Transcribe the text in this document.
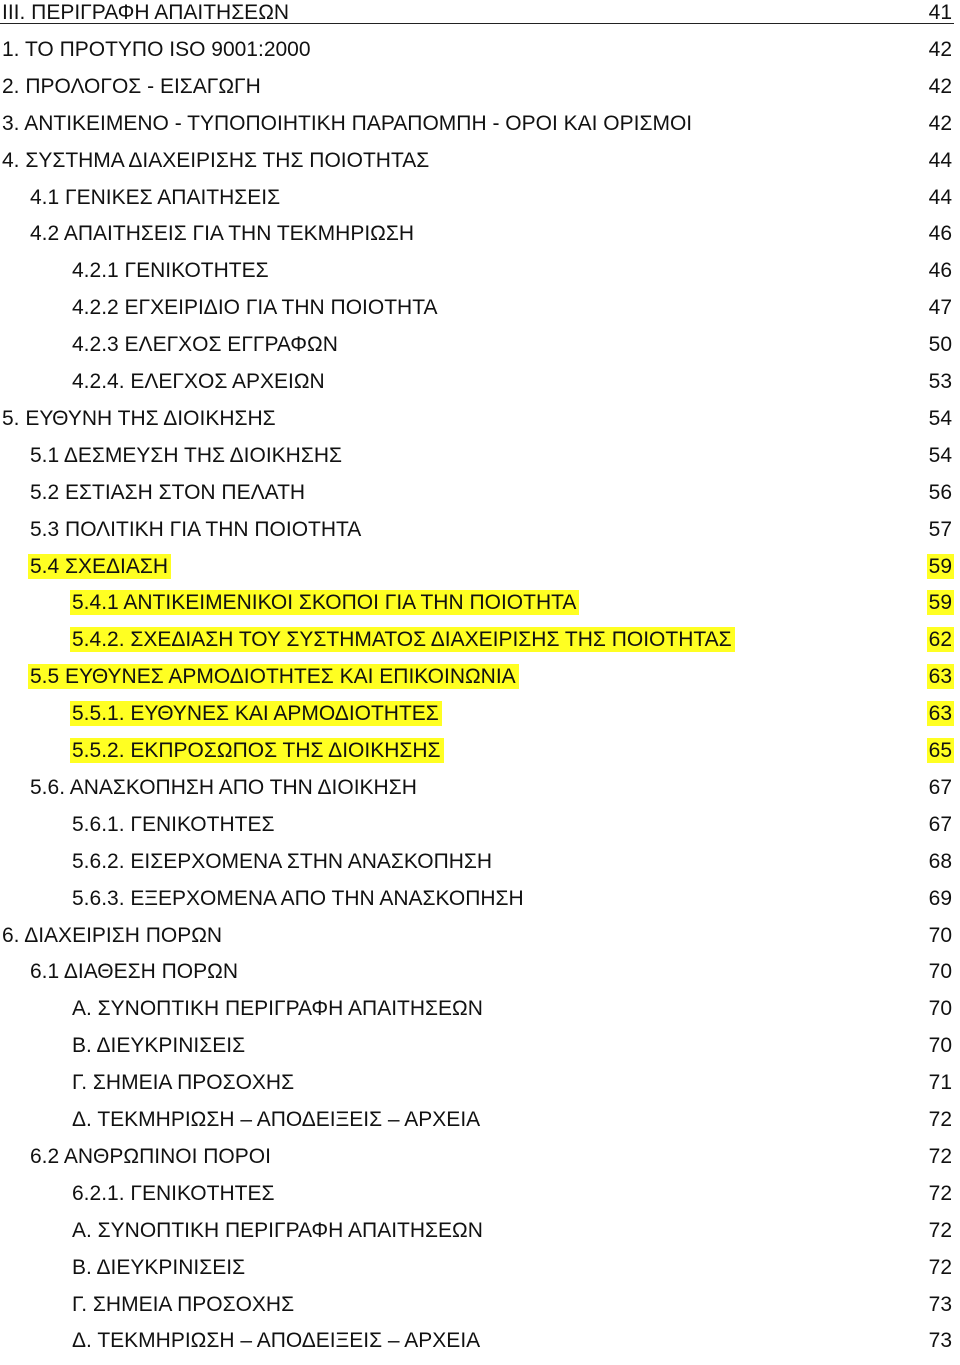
III. ΠΕΡΙΓΡΑΦΗ ΑΠΑΙΤΗΣΕΩΝ	41
1. ΤΟ ΠΡΟΤΥΠΟ ISO 9001:2000	42
2. ΠΡΟΛΟΓΟΣ - ΕΙΣΑΓΩΓΗ	42
3. ΑΝΤΙΚΕΙΜΕΝΟ - ΤΥΠΟΠΟΙΗΤΙΚΗ ΠΑΡΑΠΟΜΠΗ - ΟΡΟΙ ΚΑΙ ΟΡΙΣΜΟΙ	42
4. ΣΥΣΤΗΜΑ ΔΙΑΧΕΙΡΙΣΗΣ ΤΗΣ ΠΟΙΟΤΗΤΑΣ	44
4.1 ΓΕΝΙΚΕΣ ΑΠΑΙΤΗΣΕΙΣ	44
4.2 ΑΠΑΙΤΗΣΕΙΣ ΓΙΑ ΤΗΝ ΤΕΚΜΗΡΙΩΣΗ	46
4.2.1 ΓΕΝΙΚΟΤΗΤΕΣ	46
4.2.2 ΕΓΧΕΙΡΙΔΙΟ ΓΙΑ ΤΗΝ ΠΟΙΟΤΗΤΑ	47
4.2.3 ΕΛΕΓΧΟΣ ΕΓΓΡΑΦΩΝ	50
4.2.4. ΕΛΕΓΧΟΣ ΑΡΧΕΙΩΝ	53
5. ΕΥΘΥΝΗ ΤΗΣ ΔΙΟΙΚΗΣΗΣ	54
5.1 ΔΕΣΜΕΥΣΗ ΤΗΣ ΔΙΟΙΚΗΣΗΣ	54
5.2 ΕΣΤΙΑΣΗ ΣΤΟΝ ΠΕΛΑΤΗ	56
5.3 ΠΟΛΙΤΙΚΗ ΓΙΑ ΤΗΝ ΠΟΙΟΤΗΤΑ	57
5.4 ΣΧΕΔΙΑΣΗ	59
5.4.1 ΑΝΤΙΚΕΙΜΕΝΙΚΟΙ ΣΚΟΠΟΙ ΓΙΑ ΤΗΝ ΠΟΙΟΤΗΤΑ	59
5.4.2. ΣΧΕΔΙΑΣΗ ΤΟΥ ΣΥΣΤΗΜΑΤΟΣ ΔΙΑΧΕΙΡΙΣΗΣ ΤΗΣ ΠΟΙΟΤΗΤΑΣ	62
5.5 ΕΥΘΥΝΕΣ ΑΡΜΟΔΙΟΤΗΤΕΣ ΚΑΙ ΕΠΙΚΟΙΝΩΝΙΑ	63
5.5.1. ΕΥΘΥΝΕΣ ΚΑΙ ΑΡΜΟΔΙΟΤΗΤΕΣ	63
5.5.2. ΕΚΠΡΟΣΩΠΟΣ ΤΗΣ ΔΙΟΙΚΗΣΗΣ	65
5.6. ΑΝΑΣΚΟΠΗΣΗ ΑΠΟ ΤΗΝ ΔΙΟΙΚΗΣΗ	67
5.6.1. ΓΕΝΙΚΟΤΗΤΕΣ	67
5.6.2. ΕΙΣΕΡΧΟΜΕΝΑ ΣΤΗΝ ΑΝΑΣΚΟΠΗΣΗ	68
5.6.3. ΕΞΕΡΧΟΜΕΝΑ ΑΠΟ ΤΗΝ ΑΝΑΣΚΟΠΗΣΗ	69
6. ΔΙΑΧΕΙΡΙΣΗ ΠΟΡΩΝ	70
6.1 ΔΙΑΘΕΣΗ ΠΟΡΩΝ	70
Α. ΣΥΝΟΠΤΙΚΗ ΠΕΡΙΓΡΑΦΗ ΑΠΑΙΤΗΣΕΩΝ	70
Β. ΔΙΕΥΚΡΙΝΙΣΕΙΣ	70
Γ. ΣΗΜΕΙΑ ΠΡΟΣΟΧΗΣ	71
Δ. ΤΕΚΜΗΡΙΩΣΗ – ΑΠΟΔΕΙΞΕΙΣ – ΑΡΧΕΙΑ	72
6.2 ΑΝΘΡΩΠΙΝΟΙ ΠΟΡΟΙ	72
6.2.1. ΓΕΝΙΚΟΤΗΤΕΣ	72
Α. ΣΥΝΟΠΤΙΚΗ ΠΕΡΙΓΡΑΦΗ ΑΠΑΙΤΗΣΕΩΝ	72
Β. ΔΙΕΥΚΡΙΝΙΣΕΙΣ	72
Γ. ΣΗΜΕΙΑ ΠΡΟΣΟΧΗΣ	73
Δ. ΤΕΚΜΗΡΙΩΣΗ – ΑΠΟΔΕΙΞΕΙΣ – ΑΡΧΕΙΑ	73
